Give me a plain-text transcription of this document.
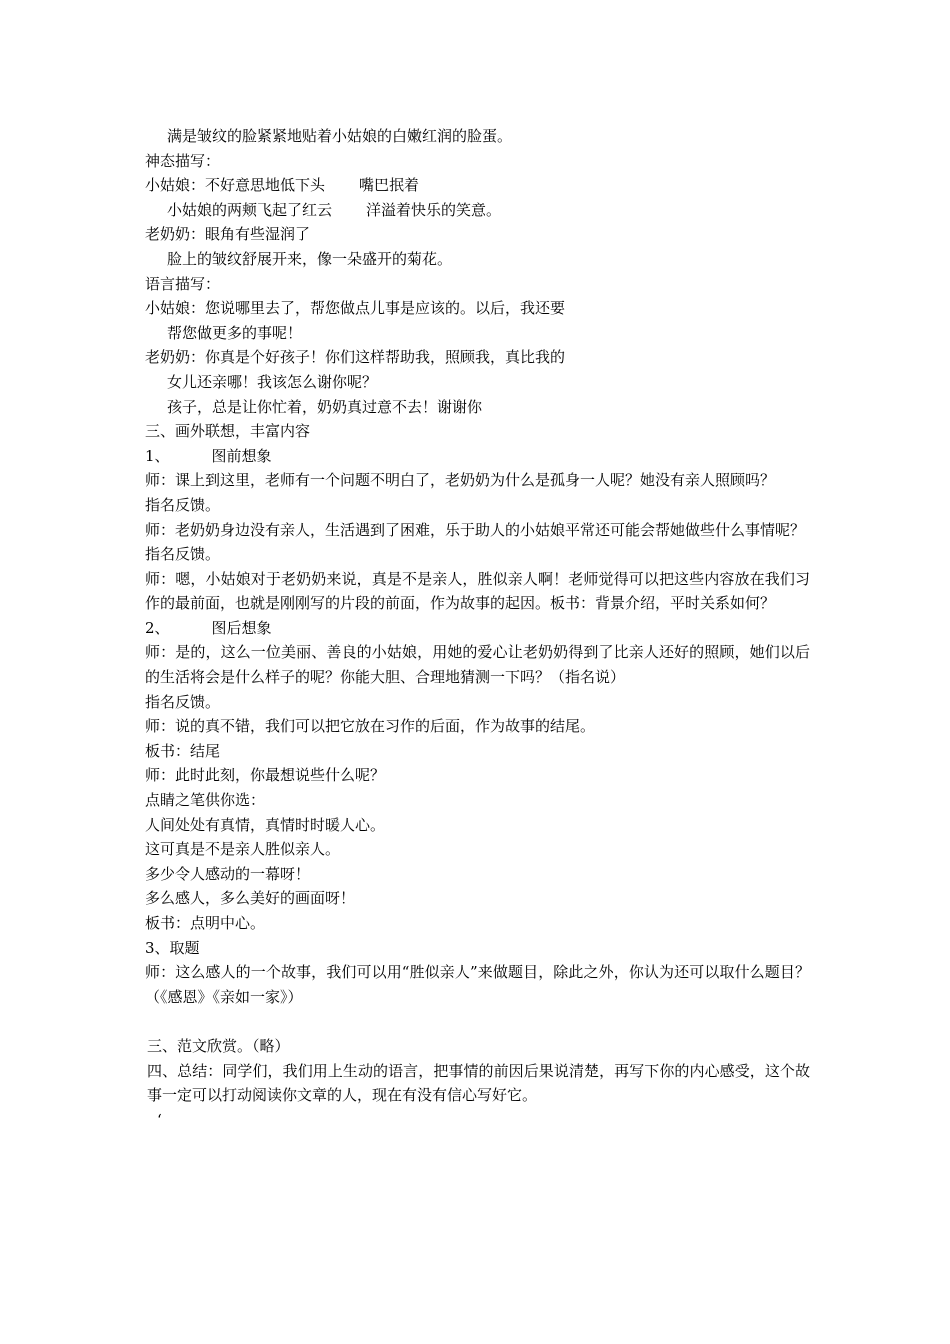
满是皱纹的脸紧紧地贴着小姑娘的白嫩红润的脸蛋。

神态描写：

小姑娘：不好意思地低下头 嘴巴抿着

小姑娘的两颊飞起了红云 洋溢着快乐的笑意。

老奶奶：眼角有些湿润了

脸上的皱纹舒展开来，像一朵盛开的菊花。

语言描写：

小姑娘：您说哪里去了，帮您做点儿事是应该的。以后，我还要

帮您做更多的事呢！

老奶奶：你真是个好孩子！你们这样帮助我，照顾我，真比我的

女儿还亲哪！我该怎么谢你呢？

孩子，总是让你忙着，奶奶真过意不去！谢谢你

三、画外联想，丰富内容

1、	图前想象

师：课上到这里，老师有一个问题不明白了，老奶奶为什么是孤身一人呢？她没有亲人照顾吗？

指名反馈。

师：老奶奶身边没有亲人，生活遇到了困难，乐于助人的小姑娘平常还可能会帮她做些什么事情呢？

指名反馈。

师：嗯，小姑娘对于老奶奶来说，真是不是亲人，胜似亲人啊！老师觉得可以把这些内容放在我们习作的最前面，也就是刚刚写的片段的前面，作为故事的起因。板书：背景介绍，平时关系如何？

2、	图后想象

师：是的，这么一位美丽、善良的小姑娘，用她的爱心让老奶奶得到了比亲人还好的照顾，她们以后的生活将会是什么样子的呢？你能大胆、合理地猜测一下吗？（指名说）

指名反馈。

师：说的真不错，我们可以把它放在习作的后面，作为故事的结尾。

板书：结尾

师：此时此刻，你最想说些什么呢？

点睛之笔供你选：

人间处处有真情，真情时时暖人心。

这可真是不是亲人胜似亲人。

多少令人感动的一幕呀！

多么感人，多么美好的画面呀！

板书：点明中心。

3、取题

师：这么感人的一个故事，我们可以用“胜似亲人”来做题目，除此之外，你认为还可以取什么题目？（《感恩》《亲如一家》）

三、范文欣赏。（略）

四、总结：同学们，我们用上生动的语言，把事情的前因后果说清楚，再写下你的内心感受，这个故事一定可以打动阅读你文章的人，现在有没有信心写好它。

‘
